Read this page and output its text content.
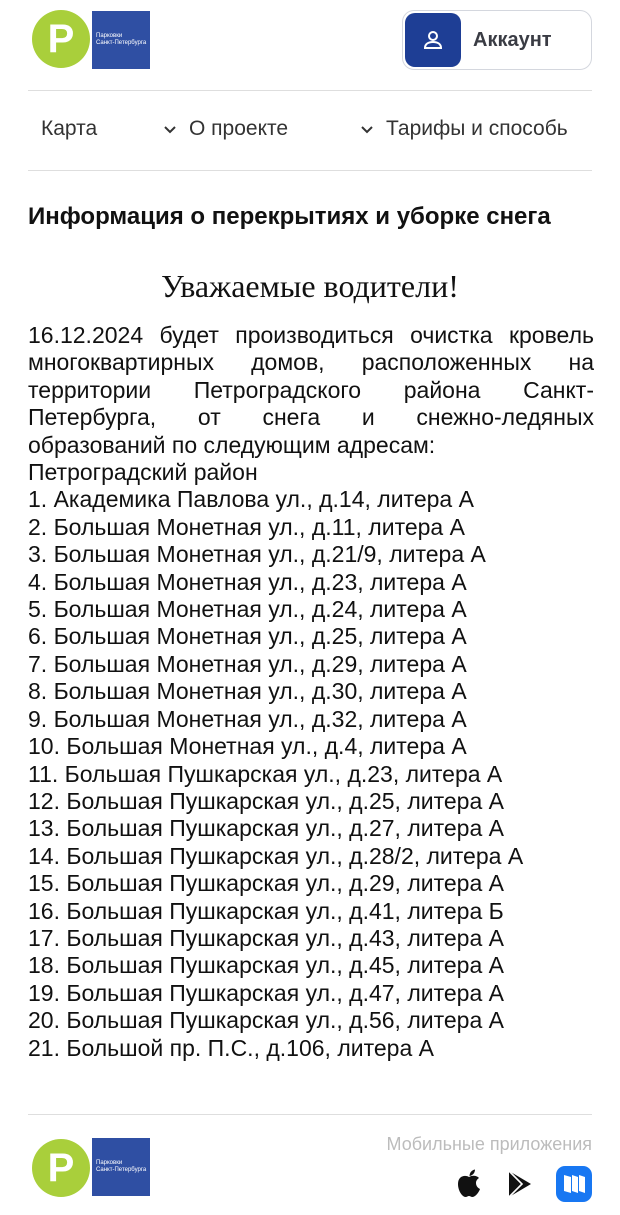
P	Парковки
Санкт-Петербурга	Аккаунт
Карта	О проекте	Тарифы и способь
Информация о перекрытиях и уборке снега
Уважаемые водители!
16.12.2024 будет производиться очистка кровель многоквартирных домов, расположенных на территории Петроградского района Санкт-Петербурга, от снега и снежно-ледяных образований по следующим адресам:
Петроградский район
1. Академика Павлова ул., д.14, литера А
2. Большая Монетная ул., д.11, литера А
3. Большая Монетная ул., д.21/9, литера А
4. Большая Монетная ул., д.23, литера А
5. Большая Монетная ул., д.24, литера А
6. Большая Монетная ул., д.25, литера А
7. Большая Монетная ул., д.29, литера А
8. Большая Монетная ул., д.30, литера А
9. Большая Монетная ул., д.32, литера А
10. Большая Монетная ул., д.4, литера А
11. Большая Пушкарская ул., д.23, литера А
12. Большая Пушкарская ул., д.25, литера А
13. Большая Пушкарская ул., д.27, литера А
14. Большая Пушкарская ул., д.28/2, литера А
15. Большая Пушкарская ул., д.29, литера А
16. Большая Пушкарская ул., д.41, литера Б
17. Большая Пушкарская ул., д.43, литера А
18. Большая Пушкарская ул., д.45, литера А
19. Большая Пушкарская ул., д.47, литера А
20. Большая Пушкарская ул., д.56, литера А
21. Большой пр. П.С., д.106, литера А
P	Парковки
Санкт-Петербурга
Мобильные приложения
